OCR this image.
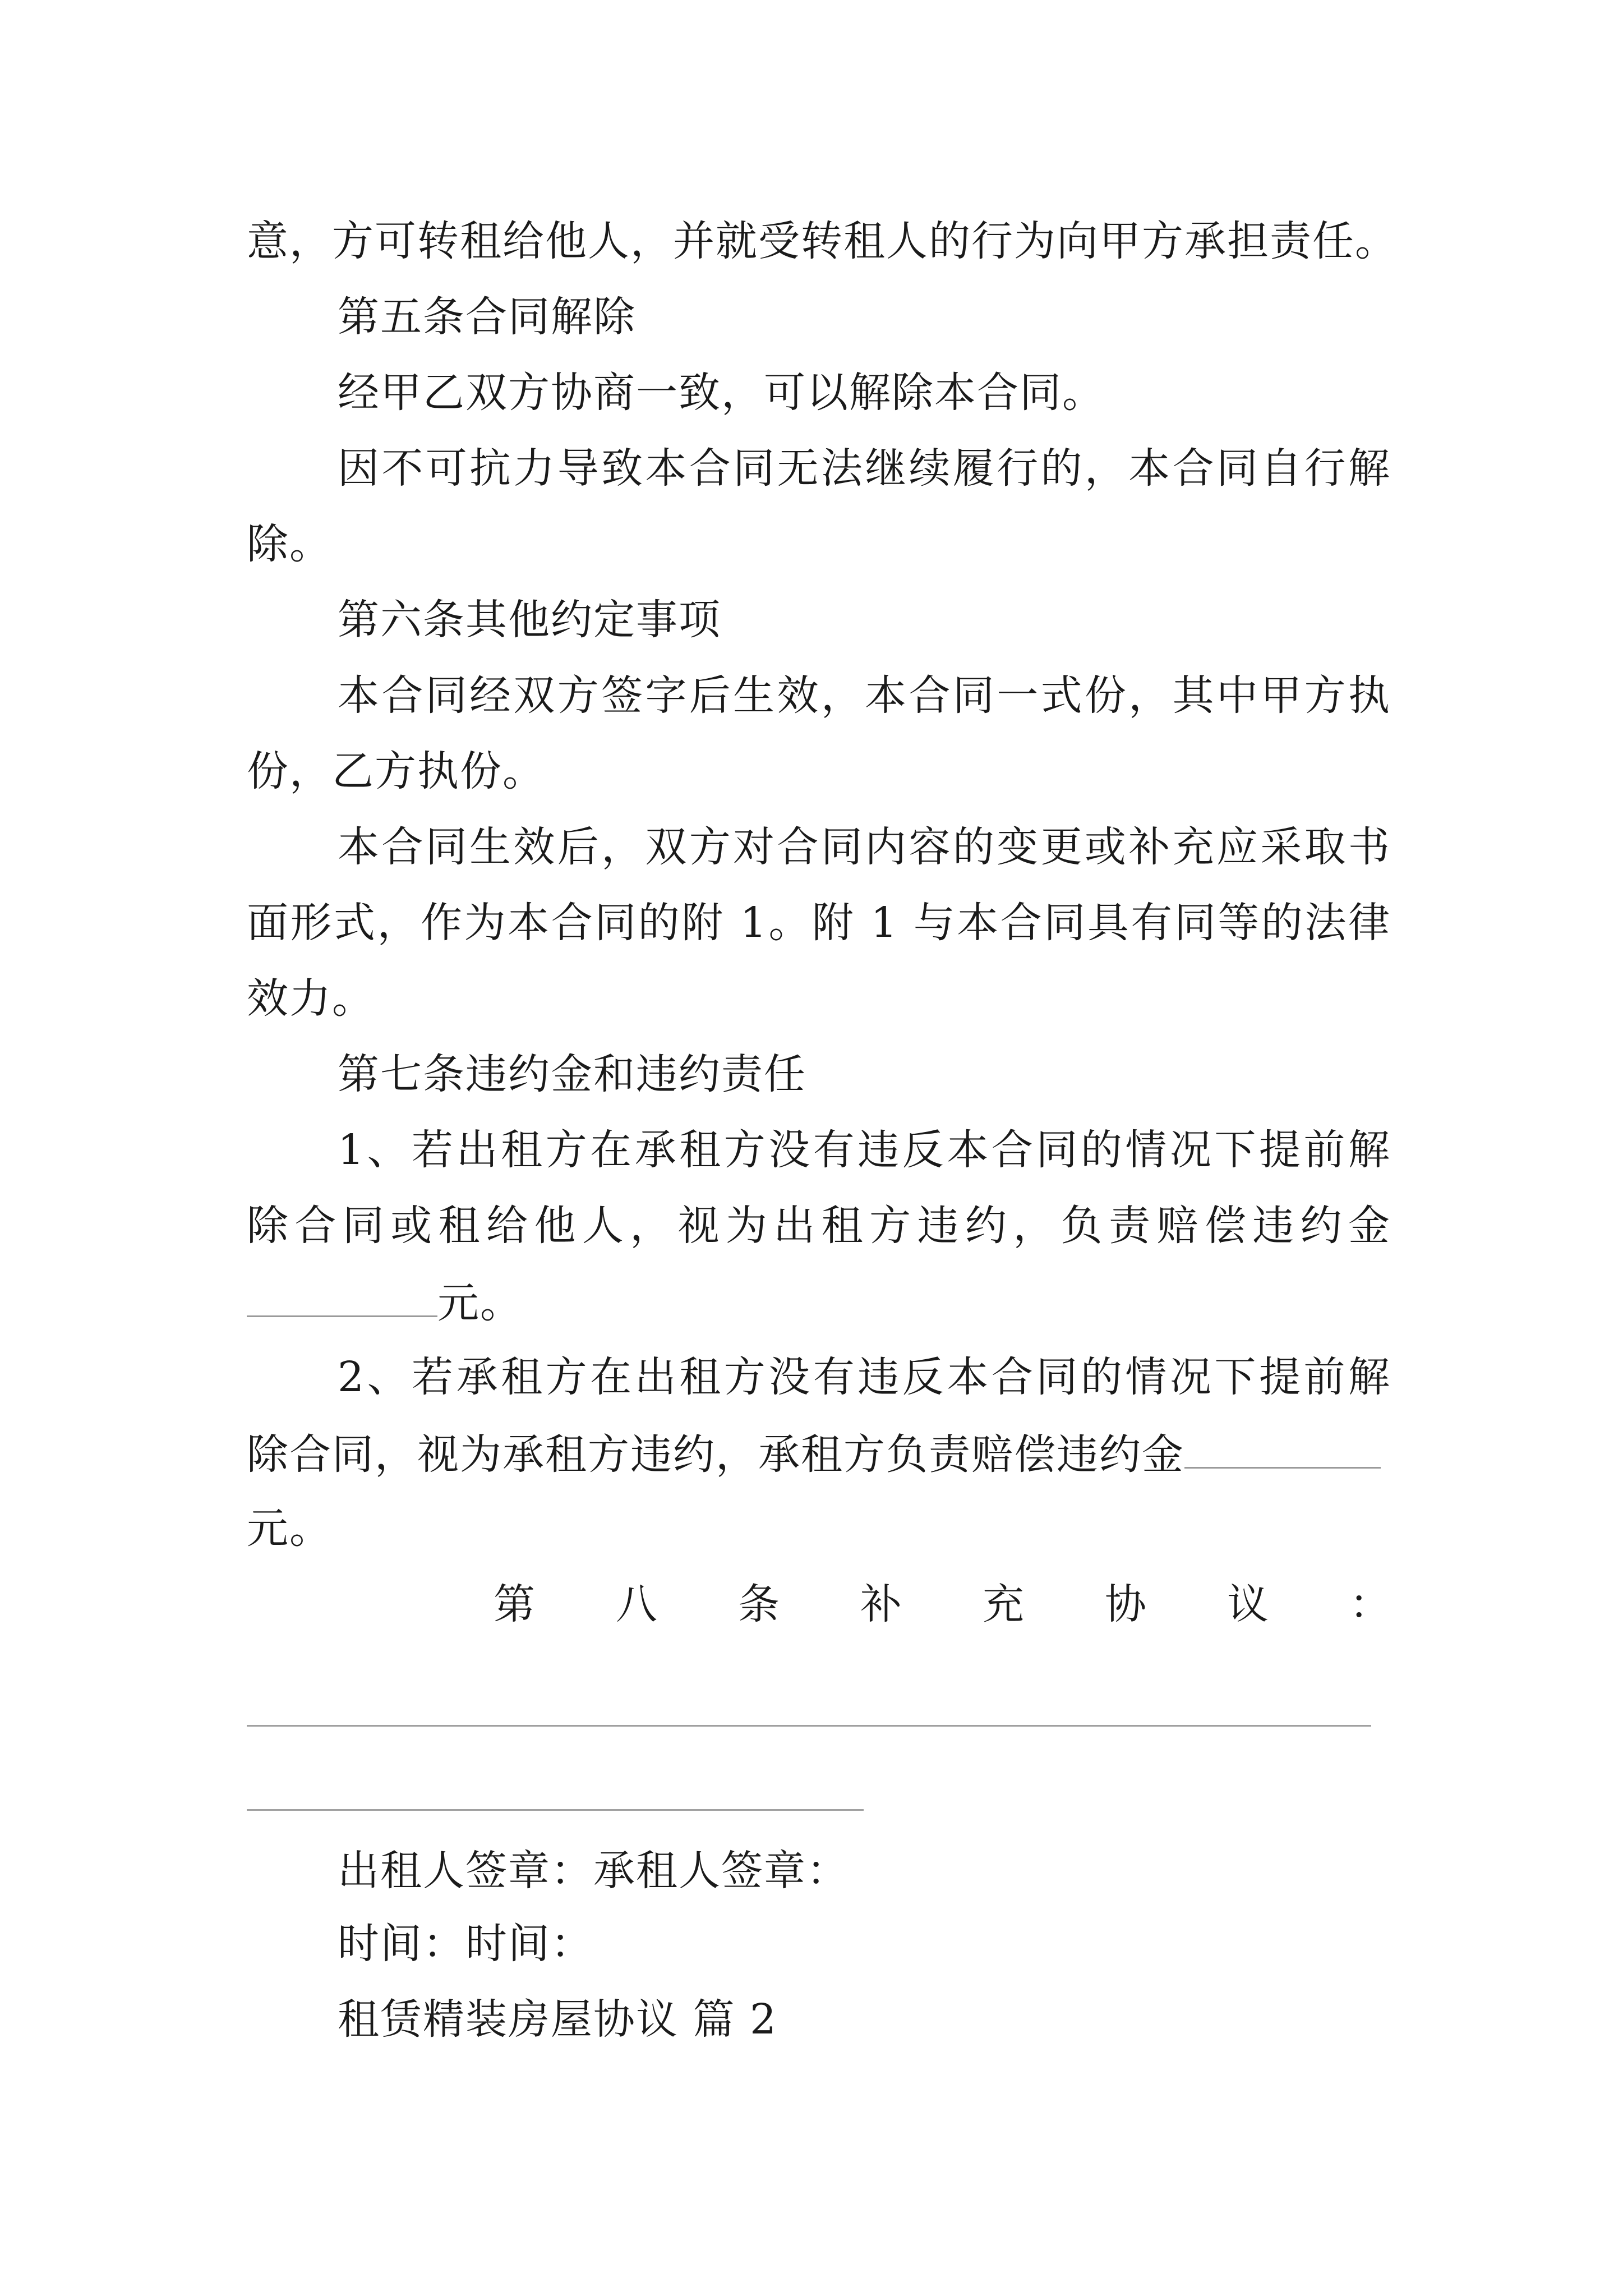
意，方可转租给他人，并就受转租人的行为向甲方承担责任。
第五条合同解除
经甲乙双方协商一致，可以解除本合同。
因不可抗力导致本合同无法继续履行的，本合同自行解
除。
第六条其他约定事项
本合同经双方签字后生效，本合同一式份，其中甲方执
份，乙方执份。
本合同生效后，双方对合同内容的变更或补充应采取书
面形式，作为本合同的附 1。附 1 与本合同具有同等的法律
效力。
第七条违约金和违约责任
1、若出租方在承租方没有违反本合同的情况下提前解
除合同或租给他人，视为出租方违约，负责赔偿违约金
元。
2、若承租方在出租方没有违反本合同的情况下提前解
除合同，视为承租方违约，承租方负责赔偿违约金
元。
第 八 条 补 充 协 议 ：
出租人签章：承租人签章：
时间：时间：
租赁精装房屋协议 篇 2
